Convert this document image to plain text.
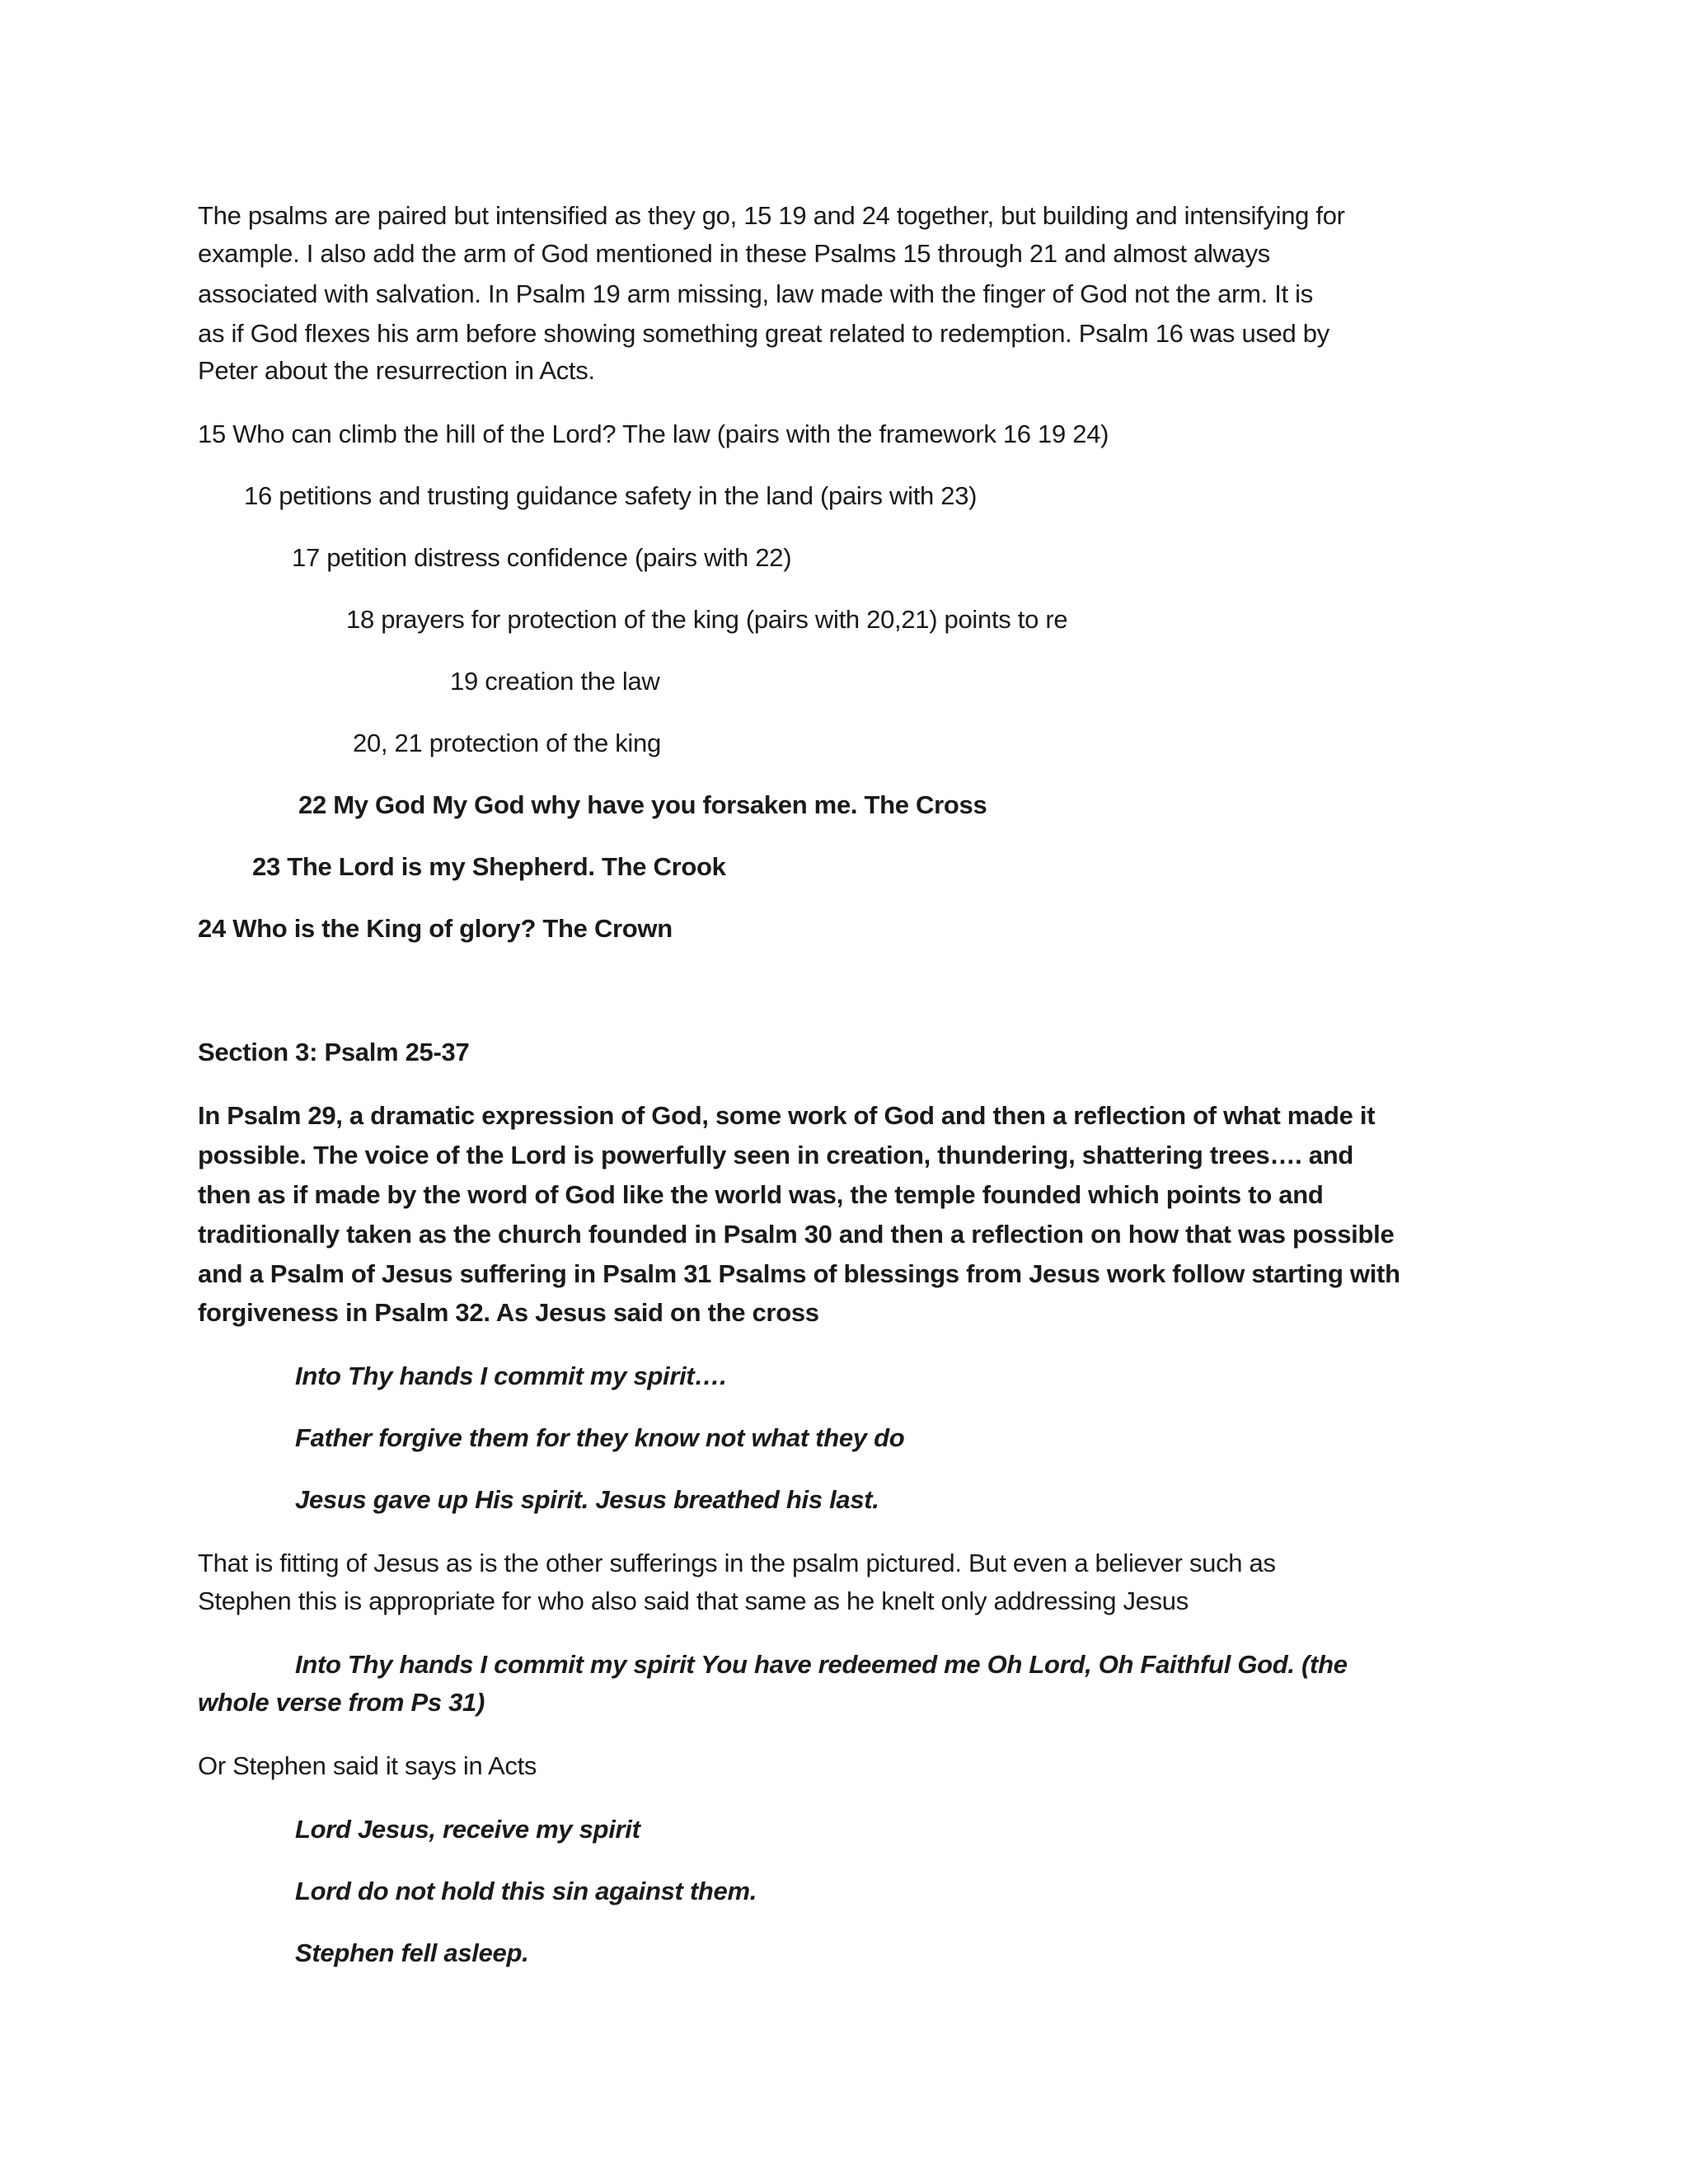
The psalms are paired but intensified as they go, 15 19 and 24 together, but building and intensifying for
example. I also add the arm of God mentioned in these Psalms 15 through 21 and almost always
associated with salvation. In Psalm 19 arm missing, law made with the finger of God not the arm. It is
as if God flexes his arm before showing something great related to redemption. Psalm 16 was used by
Peter about the resurrection in Acts.
15 Who can climb the hill of the Lord? The law (pairs with the framework 16 19 24)
16 petitions and trusting guidance safety in the land (pairs with 23)
17 petition distress confidence (pairs with 22)
18 prayers for protection of the king (pairs with 20,21) points to re
19 creation the law
20, 21 protection of the king
22 My God My God why have you forsaken me. The Cross
23 The Lord is my Shepherd. The Crook
24 Who is the King of glory? The Crown
Section 3: Psalm 25-37
In Psalm 29, a dramatic expression of God, some work of God and then a reflection of what made it
possible. The voice of the Lord is powerfully seen in creation, thundering, shattering trees…. and
then as if made by the word of God like the world was, the temple founded which points to and
traditionally taken as the church founded in Psalm 30 and then a reflection on how that was possible
and a Psalm of Jesus suffering in Psalm 31 Psalms of blessings from Jesus work follow starting with
forgiveness in Psalm 32. As Jesus said on the cross
Into Thy hands I commit my spirit….
Father forgive them for they know not what they do
Jesus gave up His spirit. Jesus breathed his last.
That is fitting of Jesus as is the other sufferings in the psalm pictured. But even a believer such as
Stephen this is appropriate for who also said that same as he knelt only addressing Jesus
Into Thy hands I commit my spirit You have redeemed me Oh Lord, Oh Faithful God. (the
whole verse from Ps 31)
Or Stephen said it says in Acts
Lord Jesus, receive my spirit
Lord do not hold this sin against them.
Stephen fell asleep.
